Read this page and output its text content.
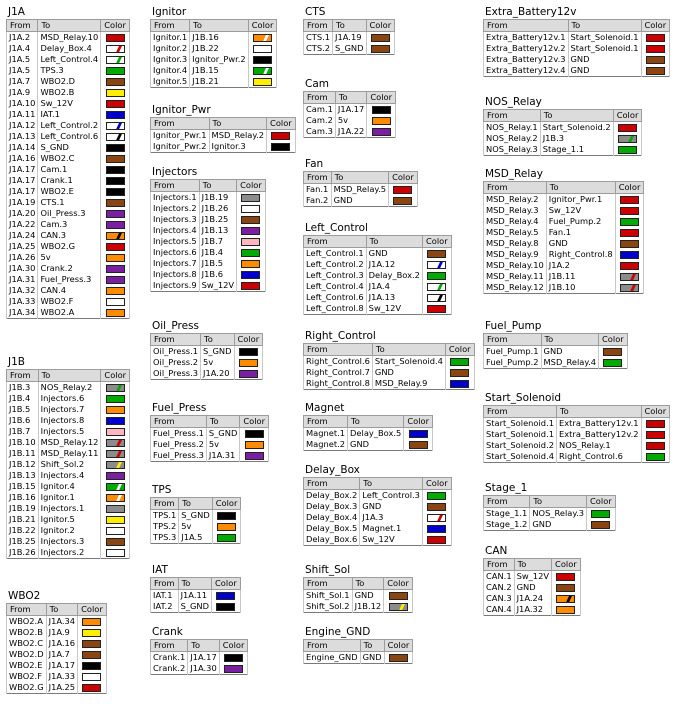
J1A
From	To	Color
J1A.2	MSD_Relay.10	

J1A.4	Delay_Box.4	

J1A.5	Left_Control.4	

J1A.5	TPS.3	

J1A.7	WBO2.D	

J1A.9	WBO2.B	

J1A.10	Sw_12V	

J1A.11	IAT.1	

J1A.12	Left_Control.2	

J1A.13	Left_Control.6	

J1A.14	S_GND	

J1A.16	WBO2.C	

J1A.17	Cam.1	

J1A.17	Crank.1	

J1A.17	WBO2.E	

J1A.19	CTS.1	

J1A.20	Oil_Press.3	

J1A.22	Cam.3	

J1A.24	CAN.3	

J1A.25	WBO2.G	

J1A.26	5v	

J1A.30	Crank.2	

J1A.31	Fuel_Press.3	

J1A.32	CAN.4	

J1A.33	WBO2.F	

J1A.34	WBO2.A	
J1B
From	To	Color
J1B.3	NOS_Relay.2	

J1B.4	Injectors.6	

J1B.5	Injectors.7	

J1B.6	Injectors.8	

J1B.7	Injectors.5	

J1B.10	MSD_Relay.12	

J1B.11	MSD_Relay.11	

J1B.12	Shift_Sol.2	

J1B.13	Injectors.4	

J1B.15	Ignitor.4	

J1B.16	Ignitor.1	

J1B.19	Injectors.1	

J1B.21	Ignitor.5	

J1B.22	Ignitor.2	

J1B.25	Injectors.3	

J1B.26	Injectors.2	
WBO2
From	To	Color
WBO2.A	J1A.34	

WBO2.B	J1A.9	

WBO2.C	J1A.16	

WBO2.D	J1A.7	

WBO2.E	J1A.17	

WBO2.F	J1A.33	

WBO2.G	J1A.25	
Ignitor
From	To	Color
Ignitor.1	J1B.16	

Ignitor.2	J1B.22	

Ignitor.3	Ignitor_Pwr.2	

Ignitor.4	J1B.15	

Ignitor.5	J1B.21	
Ignitor_Pwr
From	To	Color
Ignitor_Pwr.1	MSD_Relay.2	

Ignitor_Pwr.2	Ignitor.3	
Injectors
From	To	Color
Injectors.1	J1B.19	

Injectors.2	J1B.26	

Injectors.3	J1B.25	

Injectors.4	J1B.13	

Injectors.5	J1B.7	

Injectors.6	J1B.4	

Injectors.7	J1B.5	

Injectors.8	J1B.6	

Injectors.9	Sw_12V	
Oil_Press
From	To	Color
Oil_Press.1	S_GND	

Oil_Press.2	5v	

Oil_Press.3	J1A.20	
Fuel_Press
From	To	Color
Fuel_Press.1	S_GND	

Fuel_Press.2	5v	

Fuel_Press.3	J1A.31	
TPS
From	To	Color
TPS.1	S_GND	

TPS.2	5v	

TPS.3	J1A.5	
IAT
From	To	Color
IAT.1	J1A.11	

IAT.2	S_GND	
Crank
From	To	Color
Crank.1	J1A.17	

Crank.2	J1A.30	
CTS
From	To	Color
CTS.1	J1A.19	

CTS.2	S_GND	
Cam
From	To	Color
Cam.1	J1A.17	

Cam.2	5v	

Cam.3	J1A.22	
Fan
From	To	Color
Fan.1	MSD_Relay.5	

Fan.2	GND	
Left_Control
From	To	Color
Left_Control.1	GND	

Left_Control.2	J1A.12	

Left_Control.3	Delay_Box.2	

Left_Control.4	J1A.4	

Left_Control.6	J1A.13	

Left_Control.8	Sw_12V	
Right_Control
From	To	Color
Right_Control.6	Start_Solenoid.4	

Right_Control.7	GND	

Right_Control.8	MSD_Relay.9	
Magnet
From	To	Color
Magnet.1	Delay_Box.5	

Magnet.2	GND	
Delay_Box
From	To	Color
Delay_Box.2	Left_Control.3	

Delay_Box.3	GND	

Delay_Box.4	J1A.3	

Delay_Box.5	Magnet.1	

Delay_Box.6	Sw_12V	
Shift_Sol
From	To	Color
Shift_Sol.1	GND	

Shift_Sol.2	J1B.12	
Engine_GND
From	To	Color
Engine_GND	GND	
Extra_Battery12v
From	To	Color
Extra_Battery12v.1	Start_Solenoid.1	

Extra_Battery12v.2	Start_Solenoid.1	

Extra_Battery12v.3	GND	

Extra_Battery12v.4	GND	
NOS_Relay
From	To	Color
NOS_Relay.1	Start_Solenoid.2	

NOS_Relay.2	J1B.3	

NOS_Relay.3	Stage_1.1	
MSD_Relay
From	To	Color
MSD_Relay.2	Ignitor_Pwr.1	

MSD_Relay.3	Sw_12V	

MSD_Relay.4	Fuel_Pump.2	

MSD_Relay.5	Fan.1	

MSD_Relay.8	GND	

MSD_Relay.9	Right_Control.8	

MSD_Relay.10	J1A.2	

MSD_Relay.11	J1B.11	

MSD_Relay.12	J1B.10	
Fuel_Pump
From	To	Color
Fuel_Pump.1	GND	

Fuel_Pump.2	MSD_Relay.4	
Start_Solenoid
From	To	Color
Start_Solenoid.1	Extra_Battery12v.1	

Start_Solenoid.1	Extra_Battery12v.2	

Start_Solenoid.2	NOS_Relay.1	

Start_Solenoid.4	Right_Control.6	
Stage_1
From	To	Color
Stage_1.1	NOS_Relay.3	

Stage_1.2	GND	
CAN
From	To	Color
CAN.1	Sw_12V	

CAN.2	GND	

CAN.3	J1A.24	

CAN.4	J1A.32	
